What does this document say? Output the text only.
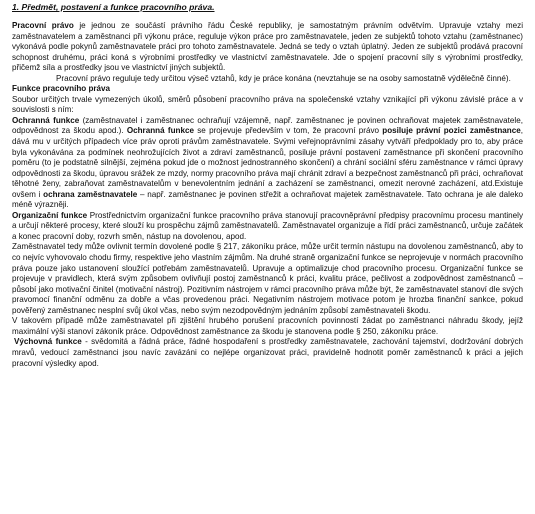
1. Předmět, postavení a funkce pracovního práva.

Pracovní právo je jednou ze součástí právního řádu České republiky, je samostatným právním odvětvím. Upravuje vztahy mezi zaměstnavatelem a zaměstnanci při výkonu práce, reguluje výkon práce pro zaměstnavatele, jeden ze subjektů tohoto vztahu (zaměstnanec) vykonává podle pokynů zaměstnavatele práci pro tohoto zaměstnavatele. Jedná se tedy o vztah úplatný. Jeden ze subjektů prodává pracovní schopnost druhému, práci koná s výrobními prostředky ve vlastnictví zaměstnavatele. Jde o spojení pracovní síly s výrobními prostředky, přičemž síla a prostředky jsou ve vlastnictví jiných subjektů.

Pracovní právo reguluje tedy určitou výseč vztahů, kdy je práce konána (nevztahuje se na osoby samostatně výdělečně činné).

Funkce pracovního práva

Soubor určitých trvale vymezených úkolů, směrů působení pracovního práva na společenské vztahy vznikající při výkonu závislé práce a v souvislosti s ním:

Ochranná funkce (zaměstnavatel i zaměstnanec ochraňují vzájemně, např. zaměstnanec je povinen ochraňovat majetek zaměstnavatele, odpovědnost za škodu apod.). Ochranná funkce se projevuje především v tom, že pracovní právo posiluje právní pozici zaměstnance, dává mu v určitých případech více práv oproti právům zaměstnavatele. Svými veřejnoprávními zásahy vytváří předpoklady pro to, aby práce byla vykonávána za podmínek neohrožujících život a zdraví zaměstnanců, posiluje právní postavení zaměstnance při skončení pracovního poměru (to je podstatně silnější, zejména pokud jde o možnost jednostranného skončení) a chrání sociální sféru zaměstnance v rámci úpravy odpovědnosti za škodu, úpravou srážek ze mzdy, normy pracovního práva mají chránit zdraví a bezpečnost zaměstnanců při práci, ochraňovat těhotné ženy, zabraňovat zaměstnavatelům v benevolentním jednání a zacházení se zaměstnanci, omezit nerovné zacházení, atd.Existuje ovšem i ochrana zaměstnavatele – např. zaměstnanec je povinen střežit a ochraňovat majetek zaměstnavatele. Tato ochrana je ale daleko méně výrazněji.

Organizační funkce Prostřednictvím organizační funkce pracovního práva stanovují pracovněprávní předpisy pracovnímu procesu mantinely a určují některé procesy, které slouží ku prospěchu zájmů zaměstnavatelů. Zaměstnavatel organizuje a řídí práci zaměstnanců, určuje začátek a konec pracovní doby, rozvrh směn, nástup na dovolenou, apod.

Zaměstnavatel tedy může ovlivnit termín dovolené podle § 217, zákoníku práce, může určit termín nástupu na dovolenou zaměstnanců, aby to co nejvíc vyhovovalo chodu firmy, respektive jeho vlastním zájmům. Na druhé straně organizační funkce se neprojevuje v normách pracovního práva pouze jako ustanovení sloužící potřebám zaměstnavatelů. Upravuje a optimalizuje chod pracovního procesu. Organizační funkce se projevuje v pravidlech, která svým způsobem ovlivňují postoj zaměstnanců k práci, kvalitu práce, pečlivost a zodpovědnost zaměstnanců – působí jako motivační činitel (motivační nástroj). Pozitivním nástrojem v rámci pracovního práva může být, že zaměstnavatel stanoví dle svých pravomocí finanční odměnu za dobře a včas provedenou práci. Negativním nástrojem motivace potom je hrozba finanční sankce, pokud pověřený zaměstnanec nesplní svůj úkol včas, nebo svým nezodpovědným jednáním způsobí zaměstnavateli škodu.

V takovém případě může zaměstnavatel při zjištění hrubého porušení pracovních povinností žádat po zaměstnanci náhradu škody, jejíž maximální výši stanoví zákoník práce. Odpovědnost zaměstnance za škodu je stanovena podle § 250, zákoníku práce.

Výchovná funkce - svědomitá a řádná práce, řádné hospodaření s prostředky zaměstnavatele, zachování tajemství, dodržování dobrých mravů, vedoucí zaměstnanci jsou navíc zavázáni co nejlépe organizovat práci, pravidelně hodnotit poměr zaměstnanců k práci a jejich pracovní výsledky apod.
